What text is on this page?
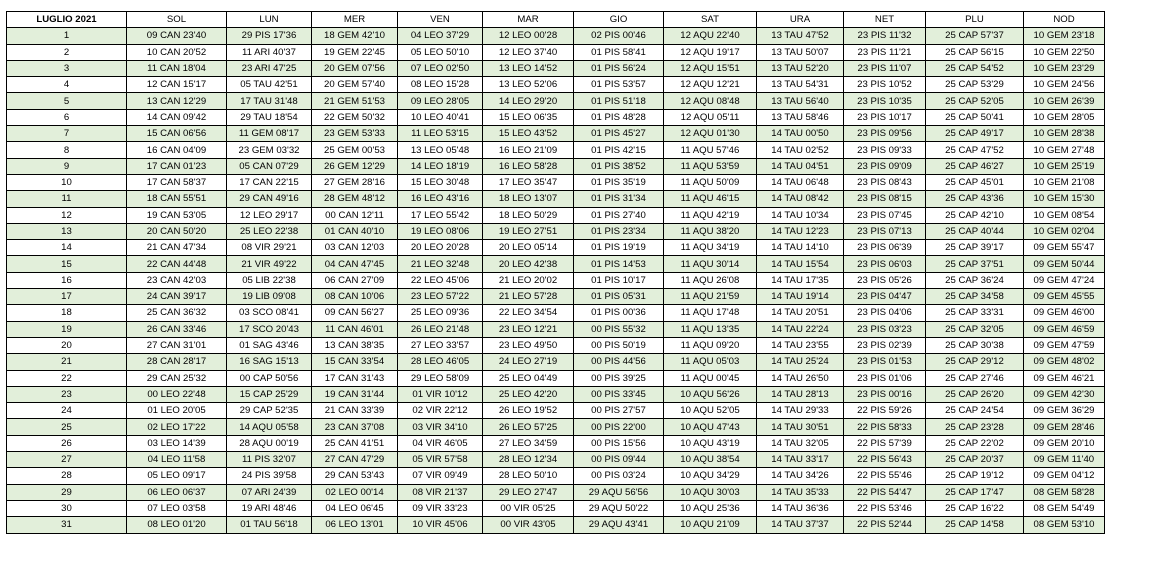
LUGLIO 2021	SOL	LUN	MER	VEN	MAR	GIO	SAT	URA	NET	PLU	NOD
1	09 CAN 23'40	29 PIS 17'36	18 GEM 42'10	04 LEO 37'29	12 LEO 00'28	02 PIS 00'46	12 AQU 22'40	13 TAU 47'52	23 PIS 11'32	25 CAP 57'37	10 GEM 23'18
2	10 CAN 20'52	11 ARI 40'37	19 GEM 22'45	05 LEO 50'10	12 LEO 37'40	01 PIS 58'41	12 AQU 19'17	13 TAU 50'07	23 PIS 11'21	25 CAP 56'15	10 GEM 22'50
3	11 CAN 18'04	23 ARI 47'25	20 GEM 07'56	07 LEO 02'50	13 LEO 14'52	01 PIS 56'24	12 AQU 15'51	13 TAU 52'20	23 PIS 11'07	25 CAP 54'52	10 GEM 23'29
4	12 CAN 15'17	05 TAU 42'51	20 GEM 57'40	08 LEO 15'28	13 LEO 52'06	01 PIS 53'57	12 AQU 12'21	13 TAU 54'31	23 PIS 10'52	25 CAP 53'29	10 GEM 24'56
5	13 CAN 12'29	17 TAU 31'48	21 GEM 51'53	09 LEO 28'05	14 LEO 29'20	01 PIS 51'18	12 AQU 08'48	13 TAU 56'40	23 PIS 10'35	25 CAP 52'05	10 GEM 26'39
6	14 CAN 09'42	29 TAU 18'54	22 GEM 50'32	10 LEO 40'41	15 LEO 06'35	01 PIS 48'28	12 AQU 05'11	13 TAU 58'46	23 PIS 10'17	25 CAP 50'41	10 GEM 28'05
7	15 CAN 06'56	11 GEM 08'17	23 GEM 53'33	11 LEO 53'15	15 LEO 43'52	01 PIS 45'27	12 AQU 01'30	14 TAU 00'50	23 PIS 09'56	25 CAP 49'17	10 GEM 28'38
8	16 CAN 04'09	23 GEM 03'32	25 GEM 00'53	13 LEO 05'48	16 LEO 21'09	01 PIS 42'15	11 AQU 57'46	14 TAU 02'52	23 PIS 09'33	25 CAP 47'52	10 GEM 27'48
9	17 CAN 01'23	05 CAN 07'29	26 GEM 12'29	14 LEO 18'19	16 LEO 58'28	01 PIS 38'52	11 AQU 53'59	14 TAU 04'51	23 PIS 09'09	25 CAP 46'27	10 GEM 25'19
10	17 CAN 58'37	17 CAN 22'15	27 GEM 28'16	15 LEO 30'48	17 LEO 35'47	01 PIS 35'19	11 AQU 50'09	14 TAU 06'48	23 PIS 08'43	25 CAP 45'01	10 GEM 21'08
11	18 CAN 55'51	29 CAN 49'16	28 GEM 48'12	16 LEO 43'16	18 LEO 13'07	01 PIS 31'34	11 AQU 46'15	14 TAU 08'42	23 PIS 08'15	25 CAP 43'36	10 GEM 15'30
12	19 CAN 53'05	12 LEO 29'17	00 CAN 12'11	17 LEO 55'42	18 LEO 50'29	01 PIS 27'40	11 AQU 42'19	14 TAU 10'34	23 PIS 07'45	25 CAP 42'10	10 GEM 08'54
13	20 CAN 50'20	25 LEO 22'38	01 CAN 40'10	19 LEO 08'06	19 LEO 27'51	01 PIS 23'34	11 AQU 38'20	14 TAU 12'23	23 PIS 07'13	25 CAP 40'44	10 GEM 02'04
14	21 CAN 47'34	08 VIR 29'21	03 CAN 12'03	20 LEO 20'28	20 LEO 05'14	01 PIS 19'19	11 AQU 34'19	14 TAU 14'10	23 PIS 06'39	25 CAP 39'17	09 GEM 55'47
15	22 CAN 44'48	21 VIR 49'22	04 CAN 47'45	21 LEO 32'48	20 LEO 42'38	01 PIS 14'53	11 AQU 30'14	14 TAU 15'54	23 PIS 06'03	25 CAP 37'51	09 GEM 50'44
16	23 CAN 42'03	05 LIB 22'38	06 CAN 27'09	22 LEO 45'06	21 LEO 20'02	01 PIS 10'17	11 AQU 26'08	14 TAU 17'35	23 PIS 05'26	25 CAP 36'24	09 GEM 47'24
17	24 CAN 39'17	19 LIB 09'08	08 CAN 10'06	23 LEO 57'22	21 LEO 57'28	01 PIS 05'31	11 AQU 21'59	14 TAU 19'14	23 PIS 04'47	25 CAP 34'58	09 GEM 45'55
18	25 CAN 36'32	03 SCO 08'41	09 CAN 56'27	25 LEO 09'36	22 LEO 34'54	01 PIS 00'36	11 AQU 17'48	14 TAU 20'51	23 PIS 04'06	25 CAP 33'31	09 GEM 46'00
19	26 CAN 33'46	17 SCO 20'43	11 CAN 46'01	26 LEO 21'48	23 LEO 12'21	00 PIS 55'32	11 AQU 13'35	14 TAU 22'24	23 PIS 03'23	25 CAP 32'05	09 GEM 46'59
20	27 CAN 31'01	01 SAG 43'46	13 CAN 38'35	27 LEO 33'57	23 LEO 49'50	00 PIS 50'19	11 AQU 09'20	14 TAU 23'55	23 PIS 02'39	25 CAP 30'38	09 GEM 47'59
21	28 CAN 28'17	16 SAG 15'13	15 CAN 33'54	28 LEO 46'05	24 LEO 27'19	00 PIS 44'56	11 AQU 05'03	14 TAU 25'24	23 PIS 01'53	25 CAP 29'12	09 GEM 48'02
22	29 CAN 25'32	00 CAP 50'56	17 CAN 31'43	29 LEO 58'09	25 LEO 04'49	00 PIS 39'25	11 AQU 00'45	14 TAU 26'50	23 PIS 01'06	25 CAP 27'46	09 GEM 46'21
23	00 LEO 22'48	15 CAP 25'29	19 CAN 31'44	01 VIR 10'12	25 LEO 42'20	00 PIS 33'45	10 AQU 56'26	14 TAU 28'13	23 PIS 00'16	25 CAP 26'20	09 GEM 42'30
24	01 LEO 20'05	29 CAP 52'35	21 CAN 33'39	02 VIR 22'12	26 LEO 19'52	00 PIS 27'57	10 AQU 52'05	14 TAU 29'33	22 PIS 59'26	25 CAP 24'54	09 GEM 36'29
25	02 LEO 17'22	14 AQU 05'58	23 CAN 37'08	03 VIR 34'10	26 LEO 57'25	00 PIS 22'00	10 AQU 47'43	14 TAU 30'51	22 PIS 58'33	25 CAP 23'28	09 GEM 28'46
26	03 LEO 14'39	28 AQU 00'19	25 CAN 41'51	04 VIR 46'05	27 LEO 34'59	00 PIS 15'56	10 AQU 43'19	14 TAU 32'05	22 PIS 57'39	25 CAP 22'02	09 GEM 20'10
27	04 LEO 11'58	11 PIS 32'07	27 CAN 47'29	05 VIR 57'58	28 LEO 12'34	00 PIS 09'44	10 AQU 38'54	14 TAU 33'17	22 PIS 56'43	25 CAP 20'37	09 GEM 11'40
28	05 LEO 09'17	24 PIS 39'58	29 CAN 53'43	07 VIR 09'49	28 LEO 50'10	00 PIS 03'24	10 AQU 34'29	14 TAU 34'26	22 PIS 55'46	25 CAP 19'12	09 GEM 04'12
29	06 LEO 06'37	07 ARI 24'39	02 LEO 00'14	08 VIR 21'37	29 LEO 27'47	29 AQU 56'56	10 AQU 30'03	14 TAU 35'33	22 PIS 54'47	25 CAP 17'47	08 GEM 58'28
30	07 LEO 03'58	19 ARI 48'46	04 LEO 06'45	09 VIR 33'23	00 VIR 05'25	29 AQU 50'22	10 AQU 25'36	14 TAU 36'36	22 PIS 53'46	25 CAP 16'22	08 GEM 54'49
31	08 LEO 01'20	01 TAU 56'18	06 LEO 13'01	10 VIR 45'06	00 VIR 43'05	29 AQU 43'41	10 AQU 21'09	14 TAU 37'37	22 PIS 52'44	25 CAP 14'58	08 GEM 53'10
